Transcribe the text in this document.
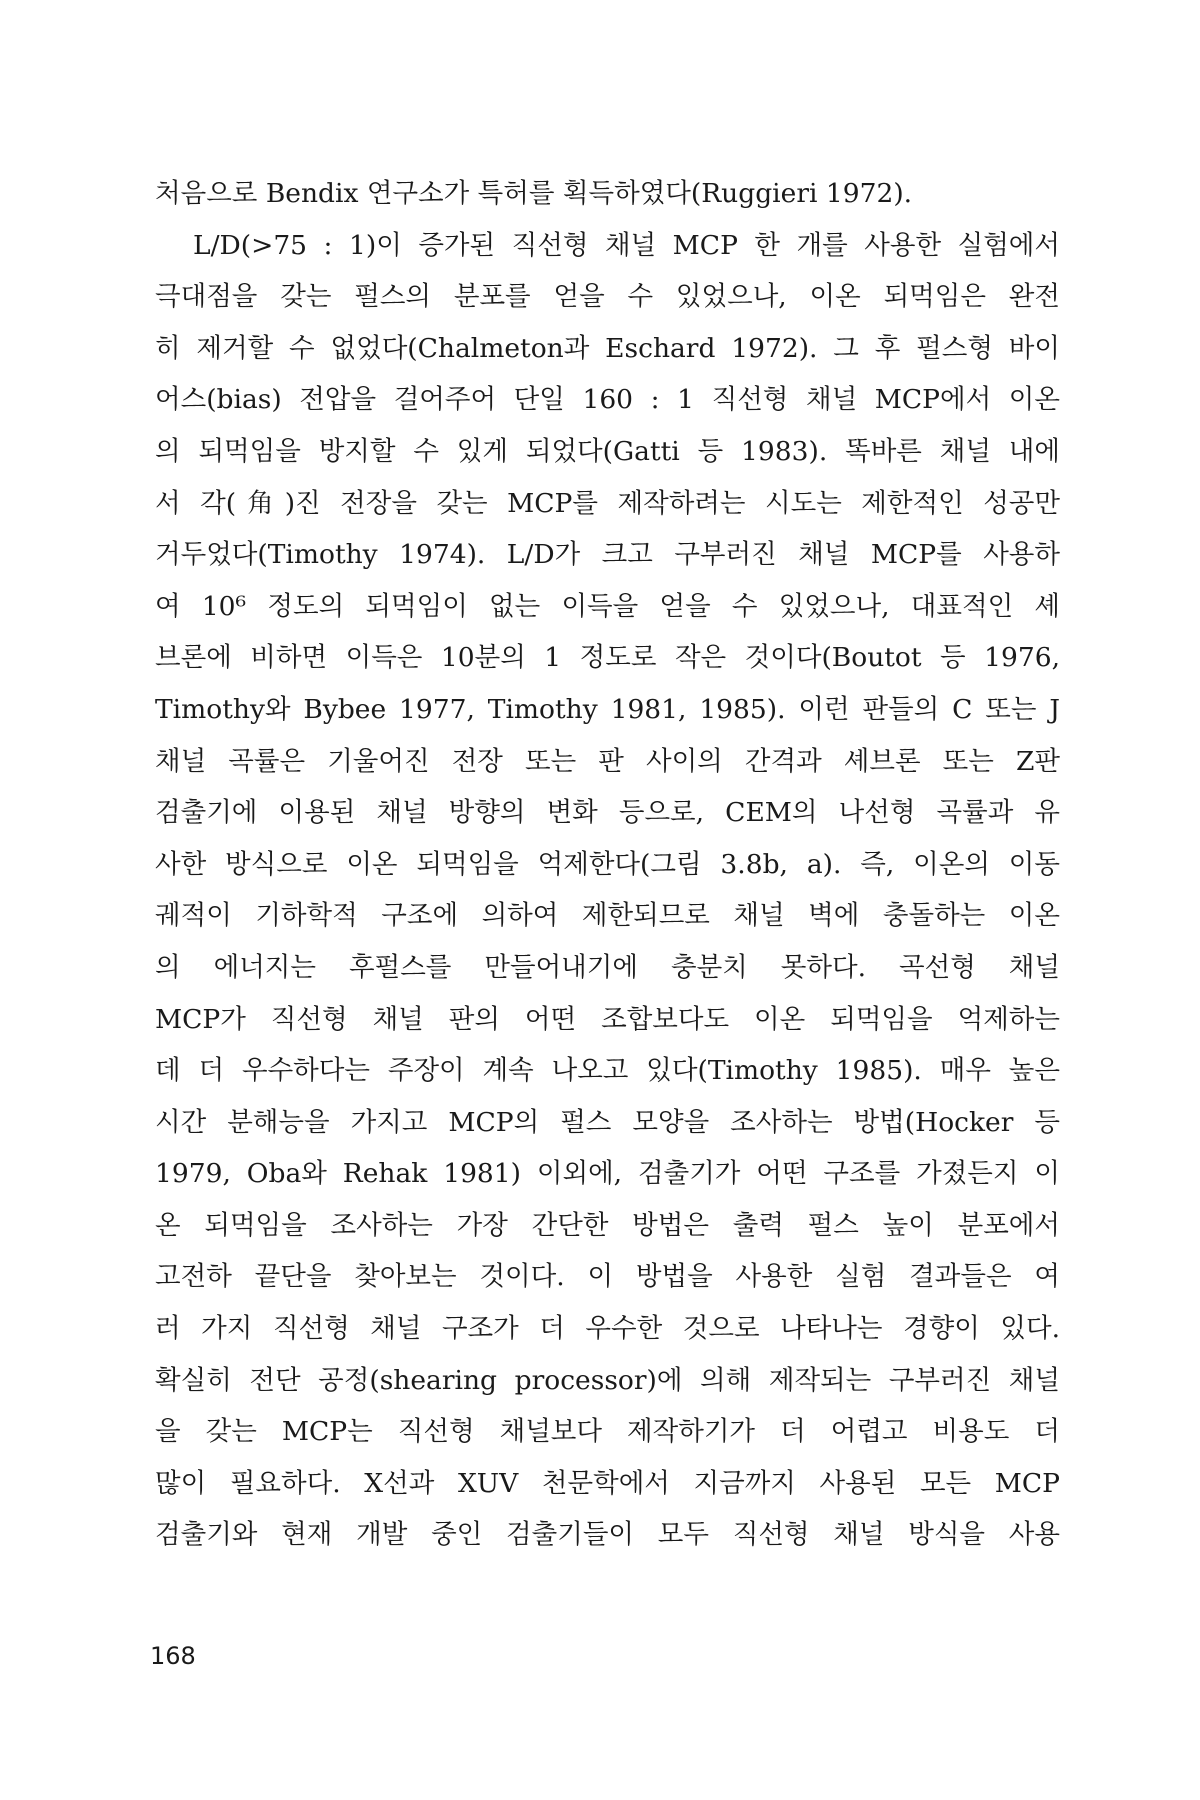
처음으로 Bendix 연구소가 특허를 획득하였다(Ruggieri 1972).
L/D(>75 : 1)이 증가된 직선형 채널 MCP 한 개를 사용한 실험에서
극대점을 갖는 펄스의 분포를 얻을 수 있었으나, 이온 되먹임은 완전
히 제거할 수 없었다(Chalmeton과 Eschard 1972). 그 후 펄스형 바이
어스(bias) 전압을 걸어주어 단일 160 : 1 직선형 채널 MCP에서 이온
의 되먹임을 방지할 수 있게 되었다(Gatti 등 1983). 똑바른 채널 내에
서 각(角)진 전장을 갖는 MCP를 제작하려는 시도는 제한적인 성공만
거두었다(Timothy 1974). L/D가 크고 구부러진 채널 MCP를 사용하
여 10⁶ 정도의 되먹임이 없는 이득을 얻을 수 있었으나, 대표적인 셰
브론에 비하면 이득은 10분의 1 정도로 작은 것이다(Boutot 등 1976,
Timothy와 Bybee 1977, Timothy 1981, 1985). 이런 판들의 C 또는 J
채널 곡률은 기울어진 전장 또는 판 사이의 간격과 셰브론 또는 Z판
검출기에 이용된 채널 방향의 변화 등으로, CEM의 나선형 곡률과 유
사한 방식으로 이온 되먹임을 억제한다(그림 3.8b, a). 즉, 이온의 이동
궤적이 기하학적 구조에 의하여 제한되므로 채널 벽에 충돌하는 이온
의 에너지는 후펄스를 만들어내기에 충분치 못하다. 곡선형 채널
MCP가 직선형 채널 판의 어떤 조합보다도 이온 되먹임을 억제하는
데 더 우수하다는 주장이 계속 나오고 있다(Timothy 1985). 매우 높은
시간 분해능을 가지고 MCP의 펄스 모양을 조사하는 방법(Hocker 등
1979, Oba와 Rehak 1981) 이외에, 검출기가 어떤 구조를 가졌든지 이
온 되먹임을 조사하는 가장 간단한 방법은 출력 펄스 높이 분포에서
고전하 끝단을 찾아보는 것이다. 이 방법을 사용한 실험 결과들은 여
러 가지 직선형 채널 구조가 더 우수한 것으로 나타나는 경향이 있다.
확실히 전단 공정(shearing processor)에 의해 제작되는 구부러진 채널
을 갖는 MCP는 직선형 채널보다 제작하기가 더 어렵고 비용도 더
많이 필요하다. X선과 XUV 천문학에서 지금까지 사용된 모든 MCP
검출기와 현재 개발 중인 검출기들이 모두 직선형 채널 방식을 사용
168
